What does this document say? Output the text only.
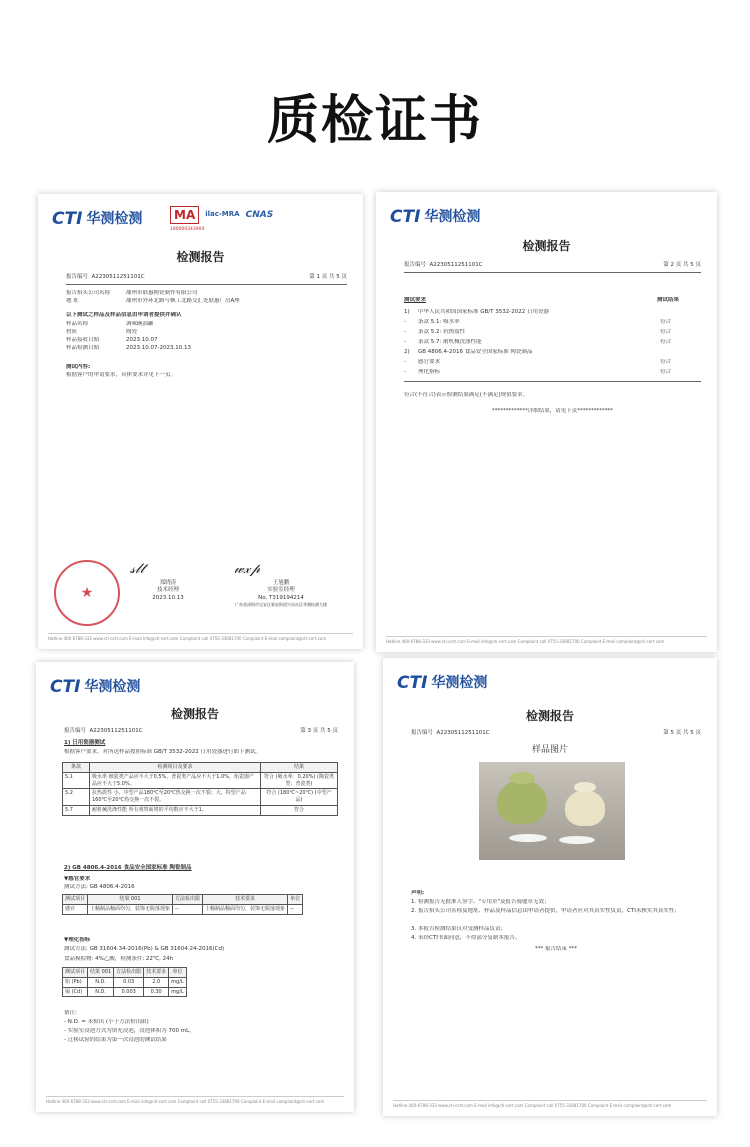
质检证书
CTI 华测检测	MA	ilac-MRA CNAS
180000343904
检测报告
报告编号 A2230511251101C	第 1 页 共 5 页
报告抬头公司名称	潮州市联惠陶瓷制作有限公司
地 址	潮州市外环北路与枫工北路交汇处联惠厂房A座
以下测试之样品及样品信息由申请者提供并确认
样品名称	调味碗油罐
材质	陶瓷
样品接收日期	2023.10.07
样品检测日期	2023.10.07-2023.10.13
测试内容:
根据客户的申请要求，具体要求详见下一页。
★
𝓈𝓁𝓉	𝓌𝓍𝓅
郑晓涛
技术经理
2023.10.13
王旭鹏
实验室经理
No. T319194214
广东省深圳市宝安区新安街道兴东社区华测检测大楼
Hotline 400-6788-333 www.cti-cert.com E-mail info@cti-cert.com Complaint call 0755-33681700 Complaint E-mail complaint@cti-cert.com
CTI 华测检测
检测报告
报告编号 A2230511251101C	第 2 页 共 5 页
测试要求	测试结果
1) 中华人民共和国国家标准 GB/T 3532-2022 日用瓷器
- 条款 5.1: 吸水率	符合
- 条款 5.2: 抗热震性	符合
- 条款 5.7: 耐机械洗涤性能	符合
2) GB 4806.4-2016 食品安全国家标准 陶瓷制品
- 感官要求	符合
- 理化指标	符合
符合(不符合)表示检测结果满足(不满足)规值要求。
*************详细结果，请见下页*************
Hotline 400-6788-333 www.cti-cert.com E-mail info@cti-cert.com Complaint call 0755-33681700 Complaint E-mail complaint@cti-cert.com
CTI 华测检测
检测报告
报告编号 A2230511251101C	第 3 页 共 5 页
1) 日用瓷器测试
根据客户要求，对所送样品按照标准 GB/T 3532-2022 日用瓷器进行如下测试。
条款	检测项目及要求	结果
5.1	吸水率 细瓷类产品应不大于0.5%，普瓷类产品应不大于1.0%，炻瓷器产品应不大于5.0%。	符合 (吸水率：0.20%) (陶瓷类型：普瓷类)
5.2	抗热震性 小、中型产品180℃至20℃热交换一次不裂；大、特型产品160℃至20℃热交换一次不裂。	符合 (180℃~20℃) (中型产品)
5.7	耐机械洗涤性能 所有观察面将的平均数应不大于1。	符合
2) GB 4806.4-2016 食品安全国家标准 陶瓷制品
▼感官要求
测试方法: GB 4806.4-2016
测试项目	结果 001	方法检出限	技术要求	单位
感官	上釉制品釉面均匀，装饰无脱落现象	--	上釉制品釉面均匀，装饰无脱落现象	--
▼理化指标
测试方法: GB 31604.34-2016(Pb) & GB 31604.24-2016(Cd)
食品模拟物: 4%乙酸，检测条件: 22℃, 24h
测试项目	结果 001	方法检出限	技术要求	单位
铅 (Pb)	N.D.	0.03	2.0	mg/L
镉 (Cd)	N.D.	0.003	0.30	mg/L
备注:
- N.D. = 未检出 (小于方法检出限)
- 实验室浸泡方式为填充浸泡，浸泡体积为 700 mL。
- 迁移试验的结果为第一次浸泡的测试结果
Hotline 400-6788-333 www.cti-cert.com E-mail info@cti-cert.com Complaint call 0755-33681700 Complaint E-mail complaint@cti-cert.com
CTI 华测检测
检测报告
报告编号 A2230511251101C	第 5 页 共 5 页
样品图片
声明:
1. 检测报告无批准人签字、"专用章"及报告骑缝章无效；
2. 报告抬头公司名称及地址、样品及样品信息由申请者提供，申请者应对其真实性负责，CTI未核实其真实性；
3. 本报告检测结果仅对受测样品负责；
4. 未经CTI书面同意，不得部分复制本报告。
*** 报告结束 ***
Hotline 400-6788-333 www.cti-cert.com E-mail info@cti-cert.com Complaint call 0755-33681700 Complaint E-mail complaint@cti-cert.com
